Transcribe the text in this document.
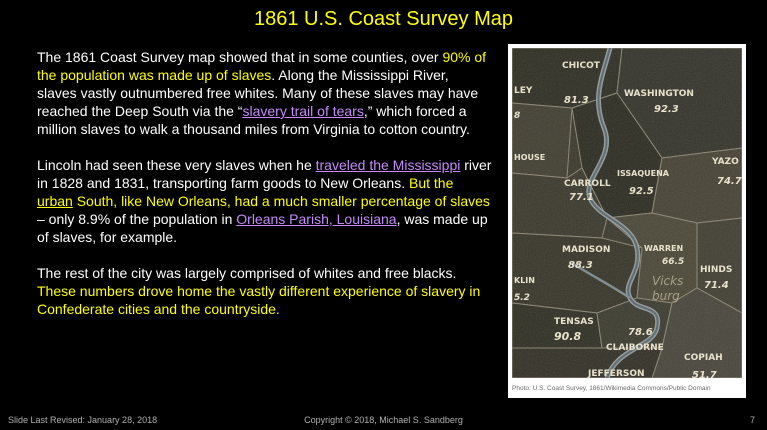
1861 U.S. Coast Survey Map

The 1861 Coast Survey map showed that in some counties, over 90% of the population was made up of slaves. Along the Mississippi River, slaves vastly outnumbered free whites. Many of these slaves may have reached the Deep South via the “slavery trail of tears,” which forced a million slaves to walk a thousand miles from Virginia to cotton country.

Lincoln had seen these very slaves when he traveled the Mississippi river in 1828 and 1831, transporting farm goods to New Orleans. But the urban South, like New Orleans, had a much smaller percentage of slaves – only 8.9% of the population in Orleans Parish, Louisiana, was made up of slaves, for example.

The rest of the city was largely comprised of whites and free blacks. These numbers drove home the vastly different experience of slavery in Confederate cities and the countryside.

CHICOT
WASHINGTON
92.3
LEY
8
81.3
HOUSE	YAZO
74.7
CARROLL
77.1
ISSAQUENA
92.5
MADISON
88.3
WARREN
66.5
Vicks
burg
HINDS
71.4
KLIN
5.2
TENSAS
90.8	78.6
CLAIBORNE
COPIAH
JEFFERSON	51.7
Photo: U.S. Coast Survey, 1861/Wikimedia Commons/Public Domain
Slide Last Revised: January 28, 2018	Copyright © 2018, Michael S. Sandberg	7
